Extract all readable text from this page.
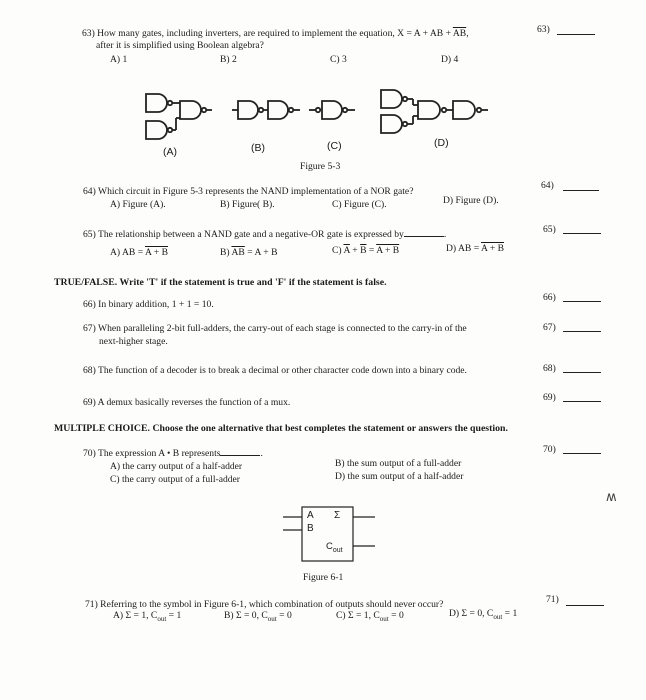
63) How many gates, including inverters, are required to implement the equation, X = A + AB + $\overline{AB}$,
after it is simplified using Boolean algebra?
63)
A) 1	B) 2	C) 3	D) 4
(A)	(B)	(C)	(D)
Figure 5-3
64) Which circuit in Figure 5-3 represents the NAND implementation of a NOR gate?
64)
A) Figure (A).	B) Figure( B).	C) Figure (C).	D) Figure (D).
65) The relationship between a NAND gate and a negative-OR gate is expressed by	.	65)
A) AB = A + B	B) $\overline{AB} = A + B$	C) $\overline{A} + \overline{B} = A + B$	D) AB = A + B
TRUE/FALSE. Write 'T' if the statement is true and 'F' if the statement is false.
66) In binary addition, 1 + 1 = 10.
66)
67) When paralleling 2-bit full-adders, the carry-out of each stage is connected to the carry-in of the
next-higher stage.
67)
68) The function of a decoder is to break a decimal or other character code down into a binary code.	68)
69) A demux basically reverses the function of a mux.	69)
MULTIPLE CHOICE. Choose the one alternative that best completes the statement or answers the question.
70) The expression A • B represents	.	70)
A) the carry output of a half-adder	B) the sum output of a full-adder
C) the carry output of a full-adder	D) the sum output of a half-adder
ʍ
A
B
Σ
$C_{out}$
Figure 6-1
71) Referring to the symbol in Figure 6-1, which combination of outputs should never occur?	71)
A) Σ = 1, $C_{out} = 1$	B) Σ = 0, $C_{out} = 0$	C) Σ = 1, $C_{out} = 0$	D) Σ = 0, $C_{out} = 1$
